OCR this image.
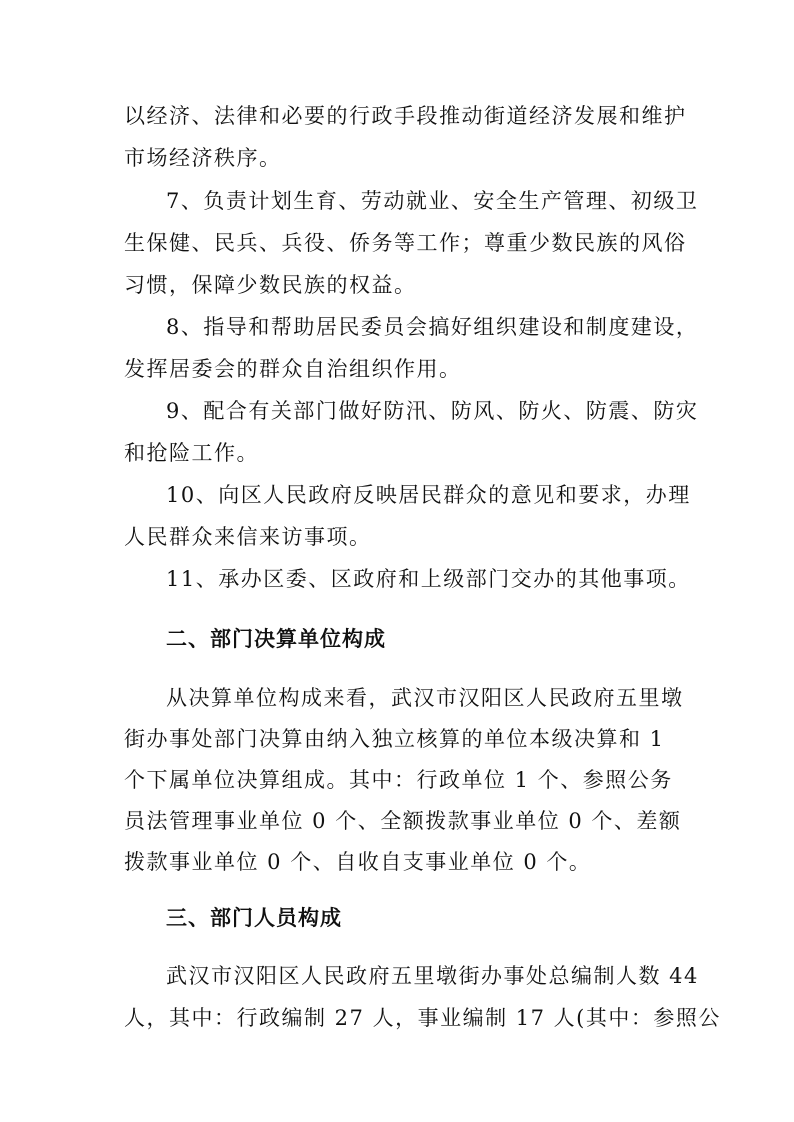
以经济、法律和必要的行政手段推动街道经济发展和维护
市场经济秩序。
7、负责计划生育、劳动就业、安全生产管理、初级卫
生保健、民兵、兵役、侨务等工作；尊重少数民族的风俗
习惯，保障少数民族的权益。
8、指导和帮助居民委员会搞好组织建设和制度建设，
发挥居委会的群众自治组织作用。
9、配合有关部门做好防汛、防风、防火、防震、防灾
和抢险工作。
10、向区人民政府反映居民群众的意见和要求，办理
人民群众来信来访事项。
11、承办区委、区政府和上级部门交办的其他事项。
二、部门决算单位构成
从决算单位构成来看，武汉市汉阳区人民政府五里墩
街办事处部门决算由纳入独立核算的单位本级决算和 1
个下属单位决算组成。其中：行政单位 1 个、参照公务
员法管理事业单位 0 个、全额拨款事业单位 0 个、差额
拨款事业单位 0 个、自收自支事业单位 0 个。
三、部门人员构成
武汉市汉阳区人民政府五里墩街办事处总编制人数 44
人，其中：行政编制 27 人，事业编制 17 人(其中：参照公
